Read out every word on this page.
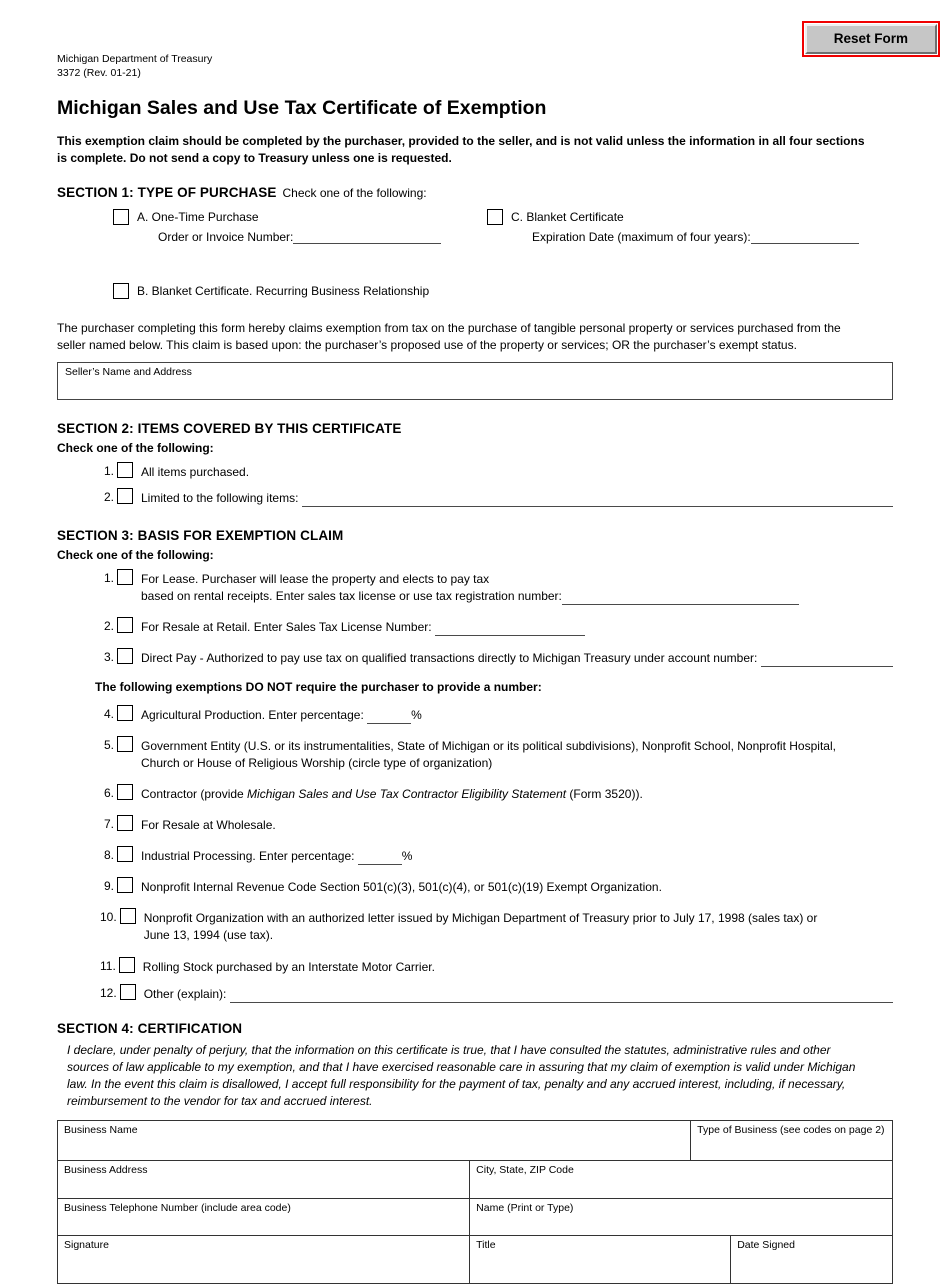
Reset Form
Michigan Department of Treasury
3372 (Rev. 01-21)
Michigan Sales and Use Tax Certificate of Exemption
This exemption claim should be completed by the purchaser, provided to the seller, and is not valid unless the information in all four sections
is complete. Do not send a copy to Treasury unless one is requested.
SECTION 1: TYPE OF PURCHASE Check one of the following:
A. One-Time Purchase
Order or Invoice Number:
C. Blanket Certificate
Expiration Date (maximum of four years):
B. Blanket Certificate. Recurring Business Relationship
The purchaser completing this form hereby claims exemption from tax on the purchase of tangible personal property or services purchased from the
seller named below. This claim is based upon: the purchaser’s proposed use of the property or services; OR the purchaser’s exempt status.
Seller’s Name and Address
SECTION 2: ITEMS COVERED BY THIS CERTIFICATE
Check one of the following:
1. All items purchased.
2. Limited to the following items:

SECTION 3: BASIS FOR EXEMPTION CLAIM
Check one of the following:
1. For Lease. Purchaser will lease the property and elects to pay tax
based on rental receipts. Enter sales tax license or use tax registration number:
2. For Resale at Retail. Enter Sales Tax License Number:

3. Direct Pay - Authorized to pay use tax on qualified transactions directly to Michigan Treasury under account number:

The following exemptions DO NOT require the purchaser to provide a number:
4. Agricultural Production. Enter percentage:
	%
5. Government Entity (U.S. or its instrumentalities, State of Michigan or its political subdivisions), Nonprofit School, Nonprofit Hospital,
Church or House of Religious Worship (circle type of organization)
6. Contractor (provide Michigan Sales and Use Tax Contractor Eligibility Statement (Form 3520)).
7. For Resale at Wholesale.
8. Industrial Processing. Enter percentage:
	%
9. Nonprofit Internal Revenue Code Section 501(c)(3), 501(c)(4), or 501(c)(19) Exempt Organization.
10. Nonprofit Organization with an authorized letter issued by Michigan Department of Treasury prior to July 17, 1998 (sales tax) or
June 13, 1994 (use tax).
11. Rolling Stock purchased by an Interstate Motor Carrier.
12. Other (explain):

SECTION 4: CERTIFICATION
I declare, under penalty of perjury, that the information on this certificate is true, that I have consulted the statutes, administrative rules and other
sources of law applicable to my exemption, and that I have exercised reasonable care in assuring that my claim of exemption is valid under Michigan
law. In the event this claim is disallowed, I accept full responsibility for the payment of tax, penalty and any accrued interest, including, if necessary,
reimbursement to the vendor for tax and accrued interest.
Business Name	Type of Business (see codes on page 2)
Business Address	City, State, ZIP Code
Business Telephone Number (include area code)	Name (Print or Type)
Signature	Title	Date Signed
